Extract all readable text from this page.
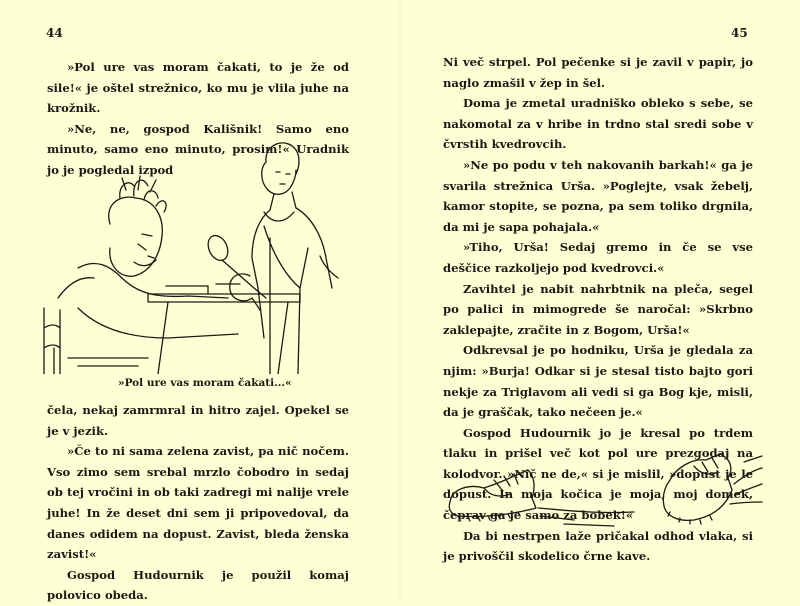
44

»Pol ure vas moram čakati, to je že od sile!« je oštel strežnico, ko mu je vlila juhe na krožnik.

»Ne, ne, gospod Kališnik! Samo eno minuto, samo eno minuto, prosim!« Uradnik jo je pogledal izpod

»Pol ure vas moram čakati...«

čela, nekaj zamrmral in hitro zajel. Opekel se je v jezik.

»Če to ni sama zelena zavist, pa nič nočem. Vso zimo sem srebal mrzlo čobodro in sedaj ob tej vročini in ob taki zadregi mi nalije vrele juhe! In že deset dni sem ji pripovedoval, da danes odidem na dopust. Zavist, bleda ženska zavist!«

Gospod Hudournik je použil komaj polovico obeda.

45

Ni več strpel. Pol pečenke si je zavil v papir, jo naglo zmašil v žep in šel.

Doma je zmetal uradniško obleko s sebe, se nakomotal za v hribe in trdno stal sredi sobe v čvrstih kvedrovcih.

»Ne po podu v teh nakovanih barkah!« ga je svarila strežnica Urša. »Poglejte, vsak žebelj, kamor stopite, se pozna, pa sem toliko drgnila, da mi je sapa pohajala.«

»Tiho, Urša! Sedaj gremo in če se vse deščice razkoljejo pod kvedrovci.«

Zavihtel je nabit nahrbtnik na pleča, segel po palici in mimogrede še naročal: »Skrbno zaklepajte, zračite in z Bogom, Urša!«

Odkrevsal je po hodniku, Urša je gledala za njim: »Burja! Odkar si je stesal tisto bajto gori nekje za Triglavom ali vedi si ga Bog kje, misli, da je graščak, tako nečeen je.«

Gospod Hudournik jo je kresal po trdem tlaku in prišel več kot pol ure prezgodaj na kolodvor. »Nič ne de,« si je mislil, »dopust je le dopust. In moja kočica je moja, moj domek, čeprav ga je samo za bobek!«

Da bi nestrpen laže pričakal odhod vlaka, si je privoščil skodelico črne kave.
